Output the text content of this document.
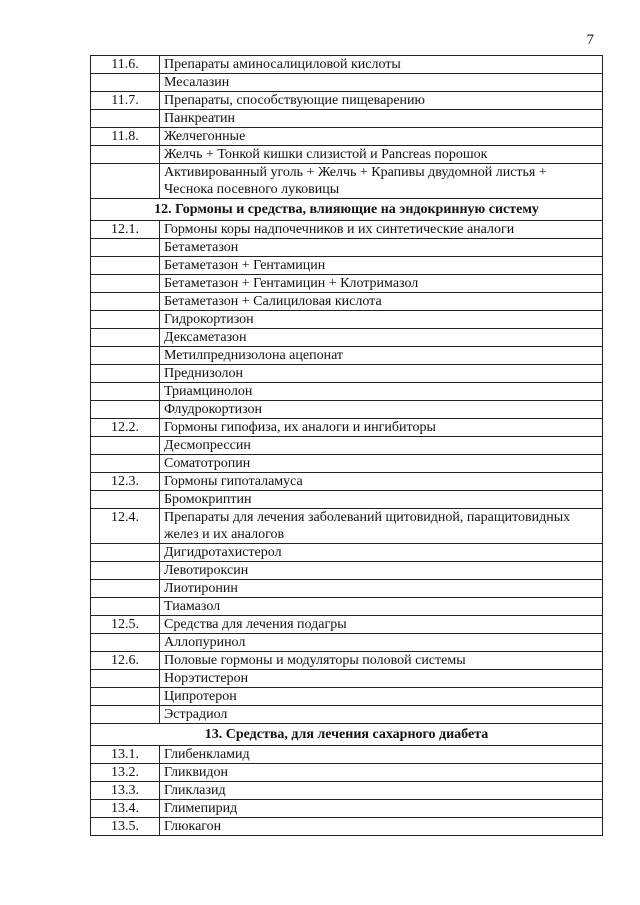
7
11.6.	Препараты аминосалициловой кислоты
	Месалазин
11.7.	Препараты, способствующие пищеварению
	Панкреатин
11.8.	Желчегонные
	Желчь + Тонкой кишки слизистой и Pancreas порошок
	Активированный уголь + Желчь + Крапивы двудомной листья + Чеснока посевного луковицы
12. Гормоны и средства, влияющие на эндокринную систему	
12.1.	Гормоны коры надпочечников и их синтетические аналоги
	Бетаметазон
	Бетаметазон + Гентамицин
	Бетаметазон + Гентамицин + Клотримазол
	Бетаметазон + Салициловая кислота
	Гидрокортизон
	Дексаметазон
	Метилпреднизолона ацепонат
	Преднизолон
	Триамцинолон
	Флудрокортизон
12.2.	Гормоны гипофиза, их аналоги и ингибиторы
	Десмопрессин
	Соматотропин
12.3.	Гормоны гипоталамуса
	Бромокриптин
12.4.	Препараты для лечения заболеваний щитовидной, паращитовидных желез и их аналогов
	Дигидротахистерол
	Левотироксин
	Лиотиронин
	Тиамазол
12.5.	Средства для лечения подагры
	Аллопуринол
12.6.	Половые гормоны и модуляторы половой системы
	Норэтистерон
	Ципротерон
	Эстрадиол
13. Средства, для лечения сахарного диабета	
13.1.	Глибенкламид
13.2.	Гликвидон
13.3.	Гликлазид
13.4.	Глимепирид
13.5.	Глюкагон
